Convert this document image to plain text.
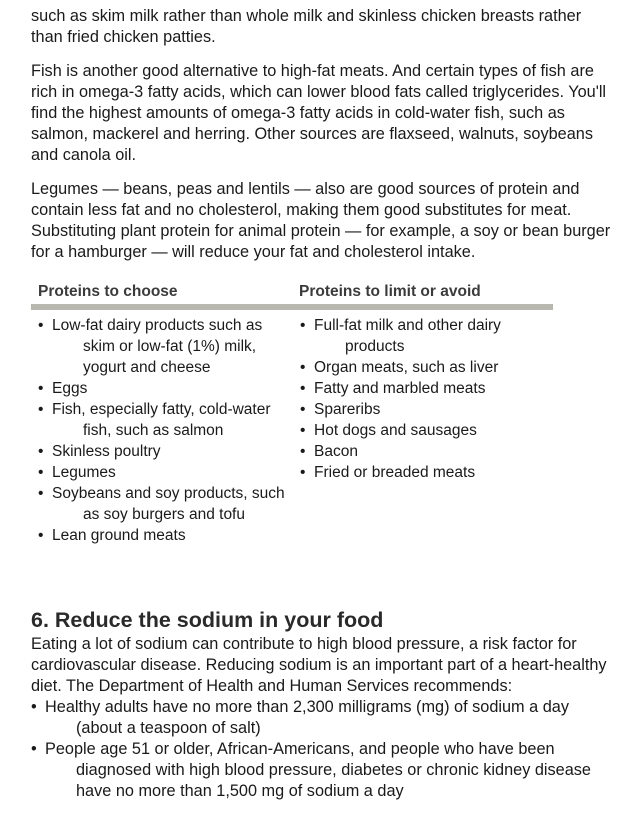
such as skim milk rather than whole milk and skinless chicken breasts rather than fried chicken patties.

Fish is another good alternative to high-fat meats. And certain types of fish are rich in omega-3 fatty acids, which can lower blood fats called triglycerides. You'll find the highest amounts of omega-3 fatty acids in cold-water fish, such as salmon, mackerel and herring. Other sources are flaxseed, walnuts, soybeans and canola oil.

Legumes — beans, peas and lentils — also are good sources of protein and contain less fat and no cholesterol, making them good substitutes for meat. Substituting plant protein for animal protein — for example, a soy or bean burger for a hamburger — will reduce your fat and cholesterol intake.

Proteins to choose	Proteins to limit or avoid
• Low-fat dairy products such as skim or low-fat (1%) milk, yogurt and cheese
• Eggs
• Fish, especially fatty, cold-water fish, such as salmon
• Skinless poultry
• Legumes
• Soybeans and soy products, such as soy burgers and tofu
• Lean ground meats
• Full-fat milk and other dairy products
• Organ meats, such as liver
• Fatty and marbled meats
• Spareribs
• Hot dogs and sausages
• Bacon
• Fried or breaded meats
6. Reduce the sodium in your food

Eating a lot of sodium can contribute to high blood pressure, a risk factor for cardiovascular disease. Reducing sodium is an important part of a heart-healthy diet. The Department of Health and Human Services recommends:

• Healthy adults have no more than 2,300 milligrams (mg) of sodium a day (about a teaspoon of salt)
• People age 51 or older, African-Americans, and people who have been diagnosed with high blood pressure, diabetes or chronic kidney disease have no more than 1,500 mg of sodium a day
